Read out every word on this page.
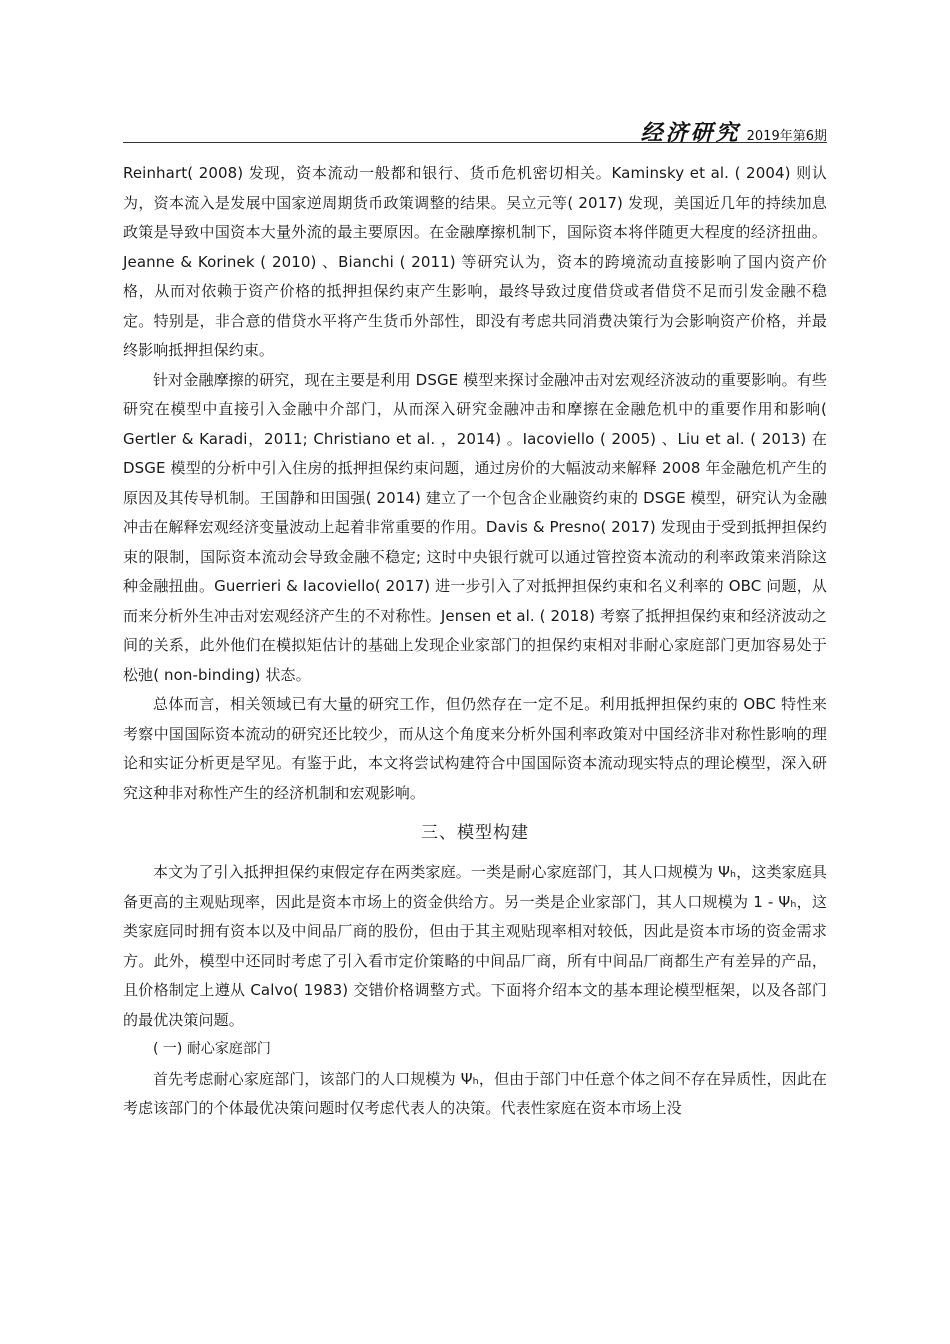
经济研究 2019年第6期

Reinhart( 2008) 发现，资本流动一般都和银行、货币危机密切相关。Kaminsky et al. ( 2004) 则认为，资本流入是发展中国家逆周期货币政策调整的结果。吴立元等( 2017) 发现，美国近几年的持续加息政策是导致中国资本大量外流的最主要原因。在金融摩擦机制下，国际资本将伴随更大程度的经济扭曲。Jeanne & Korinek ( 2010) 、Bianchi ( 2011) 等研究认为，资本的跨境流动直接影响了国内资产价格，从而对依赖于资产价格的抵押担保约束产生影响，最终导致过度借贷或者借贷不足而引发金融不稳定。特别是，非合意的借贷水平将产生货币外部性，即没有考虑共同消费决策行为会影响资产价格，并最终影响抵押担保约束。

针对金融摩擦的研究，现在主要是利用 DSGE 模型来探讨金融冲击对宏观经济波动的重要影响。有些研究在模型中直接引入金融中介部门，从而深入研究金融冲击和摩擦在金融危机中的重要作用和影响( Gertler & Karadi，2011; Christiano et al. ，2014) 。Iacoviello ( 2005) 、Liu et al. ( 2013) 在 DSGE 模型的分析中引入住房的抵押担保约束问题，通过房价的大幅波动来解释 2008 年金融危机产生的原因及其传导机制。王国静和田国强( 2014) 建立了一个包含企业融资约束的 DSGE 模型，研究认为金融冲击在解释宏观经济变量波动上起着非常重要的作用。Davis & Presno( 2017) 发现由于受到抵押担保约束的限制，国际资本流动会导致金融不稳定; 这时中央银行就可以通过管控资本流动的利率政策来消除这种金融扭曲。Guerrieri & Iacoviello( 2017) 进一步引入了对抵押担保约束和名义利率的 OBC 问题，从而来分析外生冲击对宏观经济产生的不对称性。Jensen et al. ( 2018) 考察了抵押担保约束和经济波动之间的关系，此外他们在模拟矩估计的基础上发现企业家部门的担保约束相对非耐心家庭部门更加容易处于松弛( non-binding) 状态。

总体而言，相关领域已有大量的研究工作，但仍然存在一定不足。利用抵押担保约束的 OBC 特性来考察中国国际资本流动的研究还比较少，而从这个角度来分析外国利率政策对中国经济非对称性影响的理论和实证分析更是罕见。有鉴于此，本文将尝试构建符合中国国际资本流动现实特点的理论模型，深入研究这种非对称性产生的经济机制和宏观影响。

三、模型构建

本文为了引入抵押担保约束假定存在两类家庭。一类是耐心家庭部门，其人口规模为 Ψₕ，这类家庭具备更高的主观贴现率，因此是资本市场上的资金供给方。另一类是企业家部门，其人口规模为 1 - Ψₕ，这类家庭同时拥有资本以及中间品厂商的股份，但由于其主观贴现率相对较低，因此是资本市场的资金需求方。此外，模型中还同时考虑了引入看市定价策略的中间品厂商，所有中间品厂商都生产有差异的产品，且价格制定上遵从 Calvo( 1983) 交错价格调整方式。下面将介绍本文的基本理论模型框架，以及各部门的最优决策问题。

( 一) 耐心家庭部门

首先考虑耐心家庭部门，该部门的人口规模为 Ψₕ，但由于部门中任意个体之间不存在异质性，因此在考虑该部门的个体最优决策问题时仅考虑代表人的决策。代表性家庭在资本市场上没
